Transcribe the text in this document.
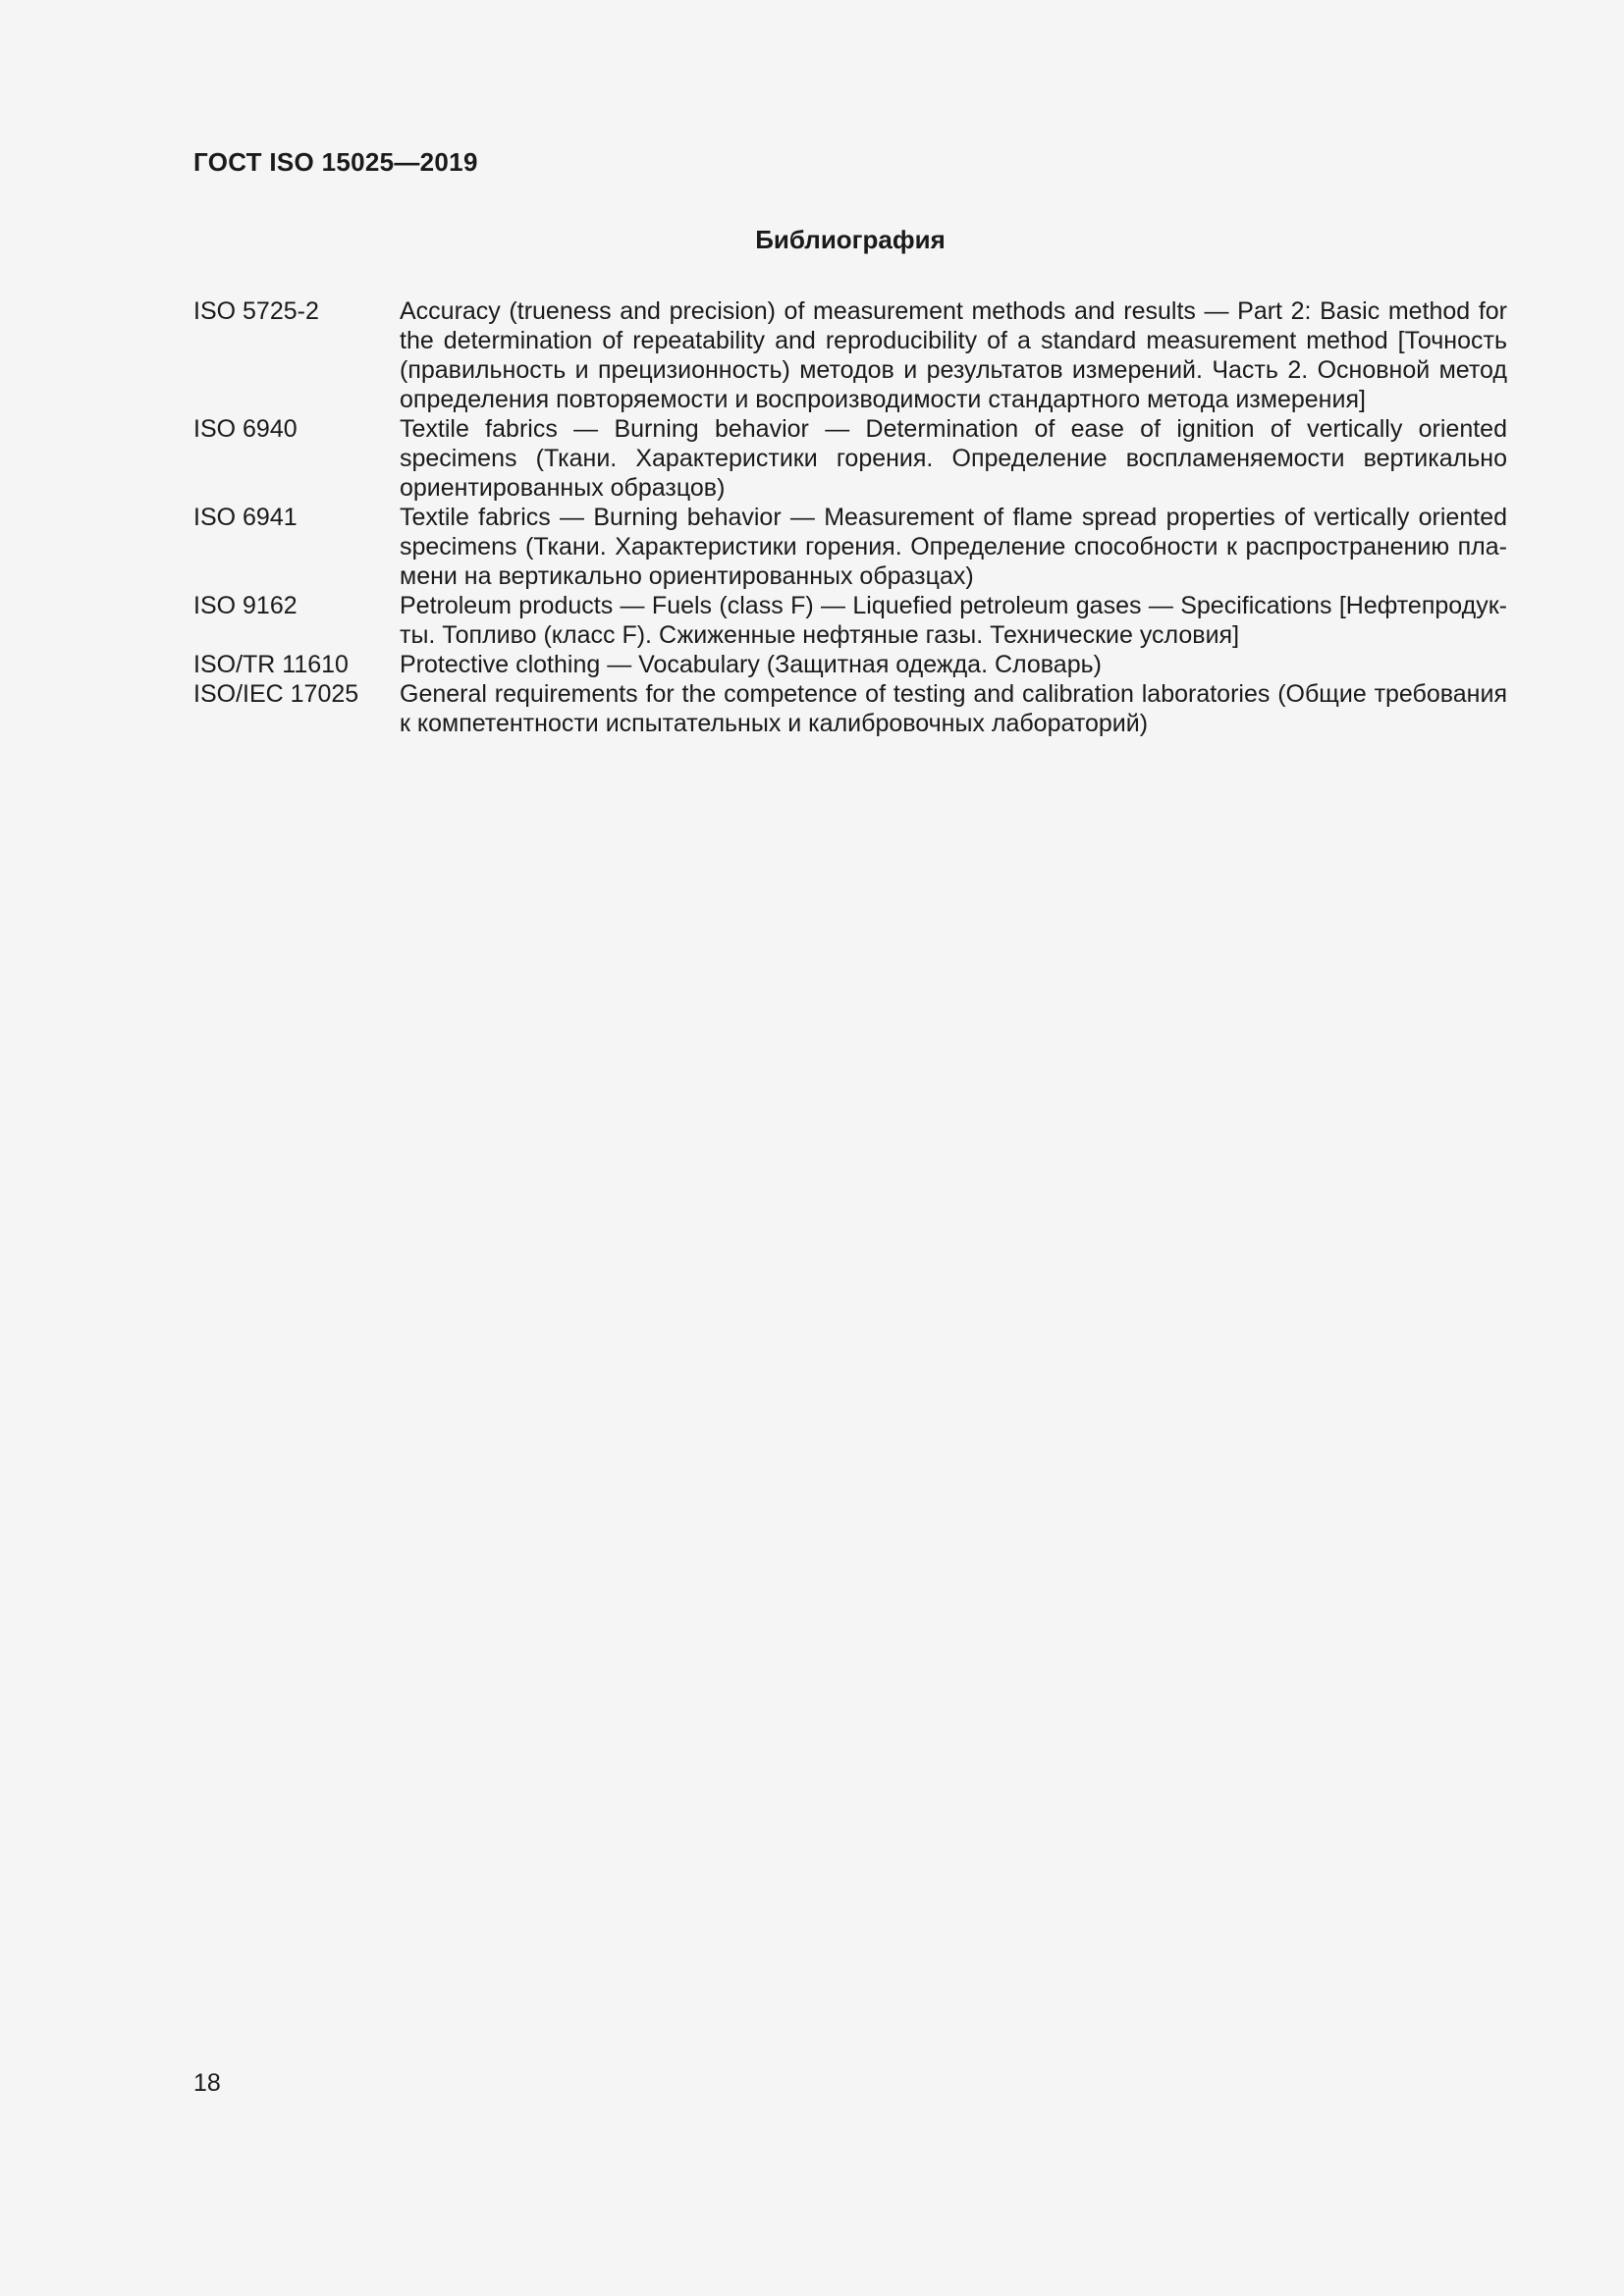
ГОСТ ISO 15025—2019
Библиография
ISO 5725-2	Accuracy (trueness and precision) of measurement methods and results — Part 2: Basic method for the determination of repeatability and reproducibility of a standard measurement method [Точность (правильность и прецизионность) методов и результатов измерений. Часть 2. Основной метод определения повторяемости и воспроизводимости стандартного метода измерения]
ISO 6940	Textile fabrics — Burning behavior — Determination of ease of ignition of vertically oriented specimens (Ткани. Характеристики горения. Определение воспламеняемости вертикально ориентированных образцов)
ISO 6941	Textile fabrics — Burning behavior — Measurement of flame spread properties of vertically oriented specimens (Ткани. Характеристики горения. Определение способности к распространению пламени на вертикально ориентированных образцах)
ISO 9162	Petroleum products — Fuels (class F) — Liquefied petroleum gases — Specifications [Нефтепродукты. Топливо (класс F). Сжиженные нефтяные газы. Технические условия]
ISO/TR 11610	Protective clothing — Vocabulary (Защитная одежда. Словарь)
ISO/IEC 17025	General requirements for the competence of testing and calibration laboratories (Общие требования к компетентности испытательных и калибровочных лабораторий)
18
